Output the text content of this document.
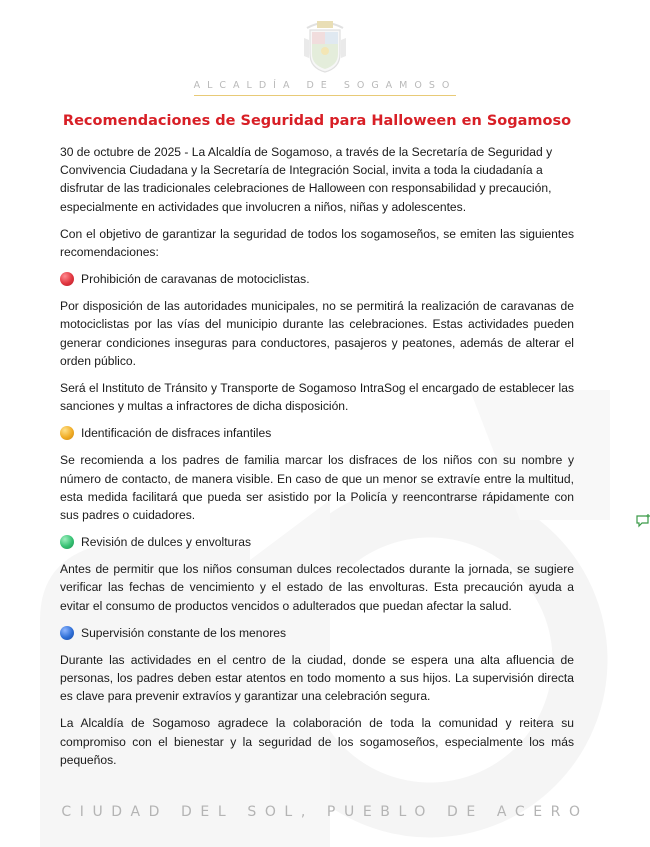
ALCALDÍA DE SOGAMOSO
Recomendaciones de Seguridad para Halloween en Sogamoso

30 de octubre de 2025 - La Alcaldía de Sogamoso, a través de la Secretaría de Seguridad y Convivencia Ciudadana y la Secretaría de Integración Social, invita a toda la ciudadanía a disfrutar de las tradicionales celebraciones de Halloween con responsabilidad y precaución, especialmente en actividades que involucren a niños, niñas y adolescentes.

Con el objetivo de garantizar la seguridad de todos los sogamoseños, se emiten las siguientes recomendaciones:

Prohibición de caravanas de motociclistas.

Por disposición de las autoridades municipales, no se permitirá la realización de caravanas de motociclistas por las vías del municipio durante las celebraciones. Estas actividades pueden generar condiciones inseguras para conductores, pasajeros y peatones, además de alterar el orden público.

Será el Instituto de Tránsito y Transporte de Sogamoso IntraSog el encargado de establecer las sanciones y multas a infractores de dicha disposición.

Identificación de disfraces infantiles

Se recomienda a los padres de familia marcar los disfraces de los niños con su nombre y número de contacto, de manera visible. En caso de que un menor se extravíe entre la multitud, esta medida facilitará que pueda ser asistido por la Policía y reencontrarse rápidamente con sus padres o cuidadores.

Revisión de dulces y envolturas

Antes de permitir que los niños consuman dulces recolectados durante la jornada, se sugiere verificar las fechas de vencimiento y el estado de las envolturas. Esta precaución ayuda a evitar el consumo de productos vencidos o adulterados que puedan afectar la salud.

Supervisión constante de los menores

Durante las actividades en el centro de la ciudad, donde se espera una alta afluencia de personas, los padres deben estar atentos en todo momento a sus hijos. La supervisión directa es clave para prevenir extravíos y garantizar una celebración segura.

La Alcaldía de Sogamoso agradece la colaboración de toda la comunidad y reitera su compromiso con el bienestar y la seguridad de los sogamoseños, especialmente los más pequeños.

CIUDAD DEL SOL, PUEBLO DE ACERO
